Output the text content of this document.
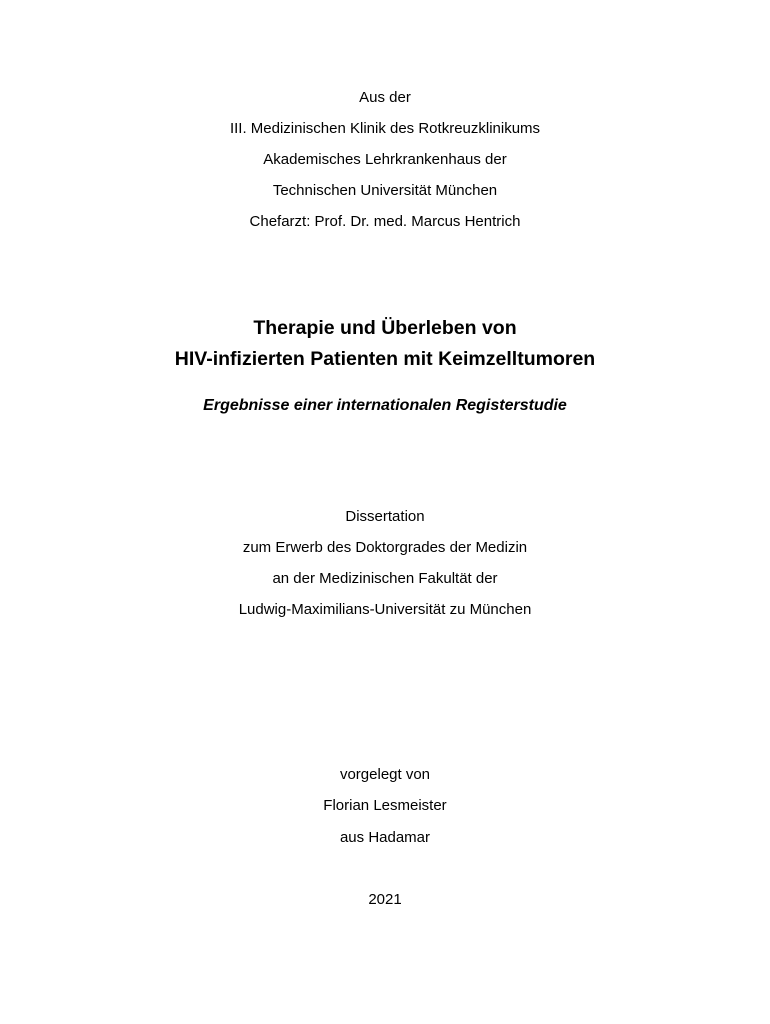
Aus der
III. Medizinischen Klinik des Rotkreuzklinikums
Akademisches Lehrkrankenhaus der
Technischen Universität München
Chefarzt: Prof. Dr. med. Marcus Hentrich
Therapie und Überleben von
HIV-infizierten Patienten mit Keimzelltumoren
Ergebnisse einer internationalen Registerstudie
Dissertation
zum Erwerb des Doktorgrades der Medizin
an der Medizinischen Fakultät der
Ludwig-Maximilians-Universität zu München
vorgelegt von
Florian Lesmeister
aus Hadamar
2021
